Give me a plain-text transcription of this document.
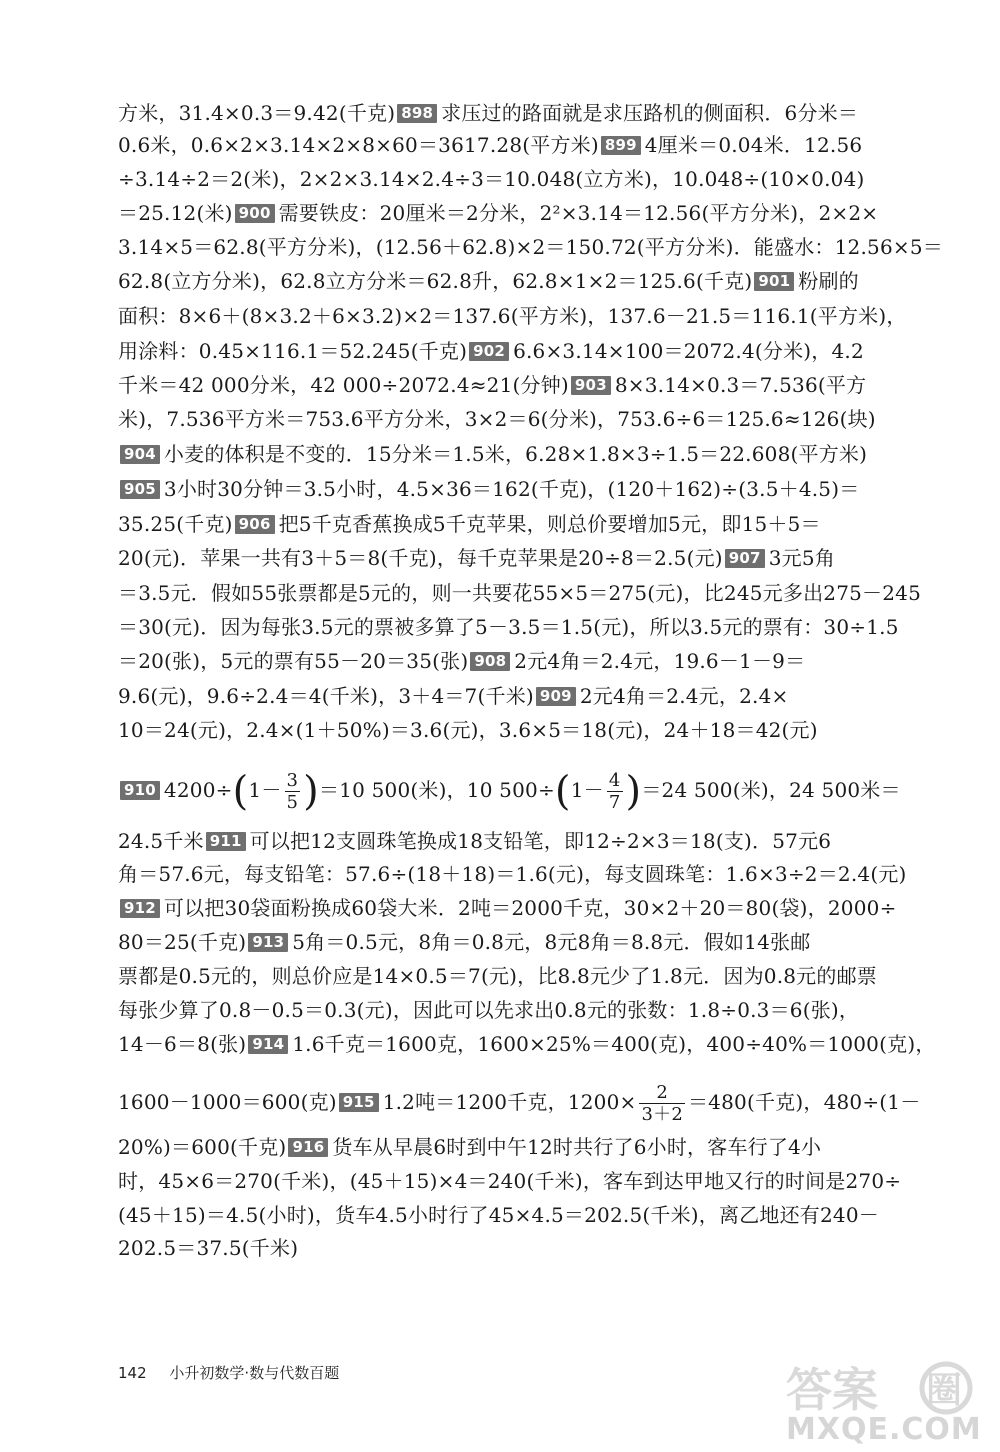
方米，31.4×0.3＝9.42(千克) 898 求压过的路面就是求压路机的侧面积．6分米＝
0.6米，0.6×2×3.14×2×8×60＝3617.28(平方米) 899 4厘米＝0.04米．12.56
÷3.14÷2＝2(米)，2×2×3.14×2.4÷3＝10.048(立方米)，10.048÷(10×0.04)
＝25.12(米) 900 需要铁皮：20厘米＝2分米，2²×3.14＝12.56(平方分米)，2×2×
3.14×5＝62.8(平方分米)，(12.56＋62.8)×2＝150.72(平方分米)．能盛水：12.56×5＝
62.8(立方分米)，62.8立方分米＝62.8升，62.8×1×2＝125.6(千克) 901 粉刷的
面积：8×6＋(8×3.2＋6×3.2)×2＝137.6(平方米)，137.6－21.5＝116.1(平方米)，
用涂料：0.45×116.1＝52.245(千克) 902 6.6×3.14×100＝2072.4(分米)，4.2
千米＝42 000分米，42 000÷2072.4≈21(分钟) 903 8×3.14×0.3＝7.536(平方
米)，7.536平方米＝753.6平方分米，3×2＝6(分米)，753.6÷6＝125.6≈126(块)
904 小麦的体积是不变的．15分米＝1.5米，6.28×1.8×3÷1.5＝22.608(平方米)
905 3小时30分钟＝3.5小时，4.5×36＝162(千克)，(120＋162)÷(3.5＋4.5)＝
35.25(千克) 906 把5千克香蕉换成5千克苹果，则总价要增加5元，即15＋5＝
20(元)．苹果一共有3＋5＝8(千克)，每千克苹果是20÷8＝2.5(元) 907 3元5角
＝3.5元．假如55张票都是5元的，则一共要花55×5＝275(元)，比245元多出275－245
＝30(元)．因为每张3.5元的票被多算了5－3.5＝1.5(元)，所以3.5元的票有：30÷1.5
＝20(张)，5元的票有55－20＝35(张) 908 2元4角＝2.4元，19.6－1－9＝
9.6(元)，9.6÷2.4＝4(千米)，3＋4＝7(千米) 909 2元4角＝2.4元，2.4×
10＝24(元)，2.4×(1＋50%)＝3.6(元)，3.6×5＝18(元)，24＋18＝42(元)
910 $4200\div(1- \frac{3}{5} )=10$ 500(米)，10 $500\div(1- \frac{4}{7} )=24$ 500(米)，24 500米＝
24.5千米 911 可以把12支圆珠笔换成18支铅笔，即12÷2×3＝18(支)．57元6
角＝57.6元，每支铅笔：57.6÷(18＋18)＝1.6(元)，每支圆珠笔：1.6×3÷2＝2.4(元)
912 可以把30袋面粉换成60袋大米．2吨＝2000千克，30×2＋20＝80(袋)，2000÷
80＝25(千克) 913 5角＝0.5元，8角＝0.8元，8元8角＝8.8元．假如14张邮
票都是0.5元的，则总价应是14×0.5＝7(元)，比8.8元少了1.8元．因为0.8元的邮票
每张少算了0.8－0.5＝0.3(元)，因此可以先求出0.8元的张数：1.8÷0.3＝6(张)，
14－6＝8(张) 914 1.6千克＝1600克，1600×25%＝400(克)，400÷40%＝1000(克)，
1600－1000＝600(克) 915 1.2吨＝1200千克，$1200\times \frac{2}{3+2} =480$(千克)，480÷(1－
20%)＝600(千克) 916 货车从早晨6时到中午12时共行了6小时，客车行了4小
时，45×6＝270(千米)，(45＋15)×4＝240(千米)，客车到达甲地又行的时间是270÷
(45＋15)＝4.5(小时)，货车4.5小时行了45×4.5＝202.5(千米)，离乙地还有240－
202.5＝37.5(千米)
142 小升初数学·数与代数百题	答案 圈
MXQE.COM
